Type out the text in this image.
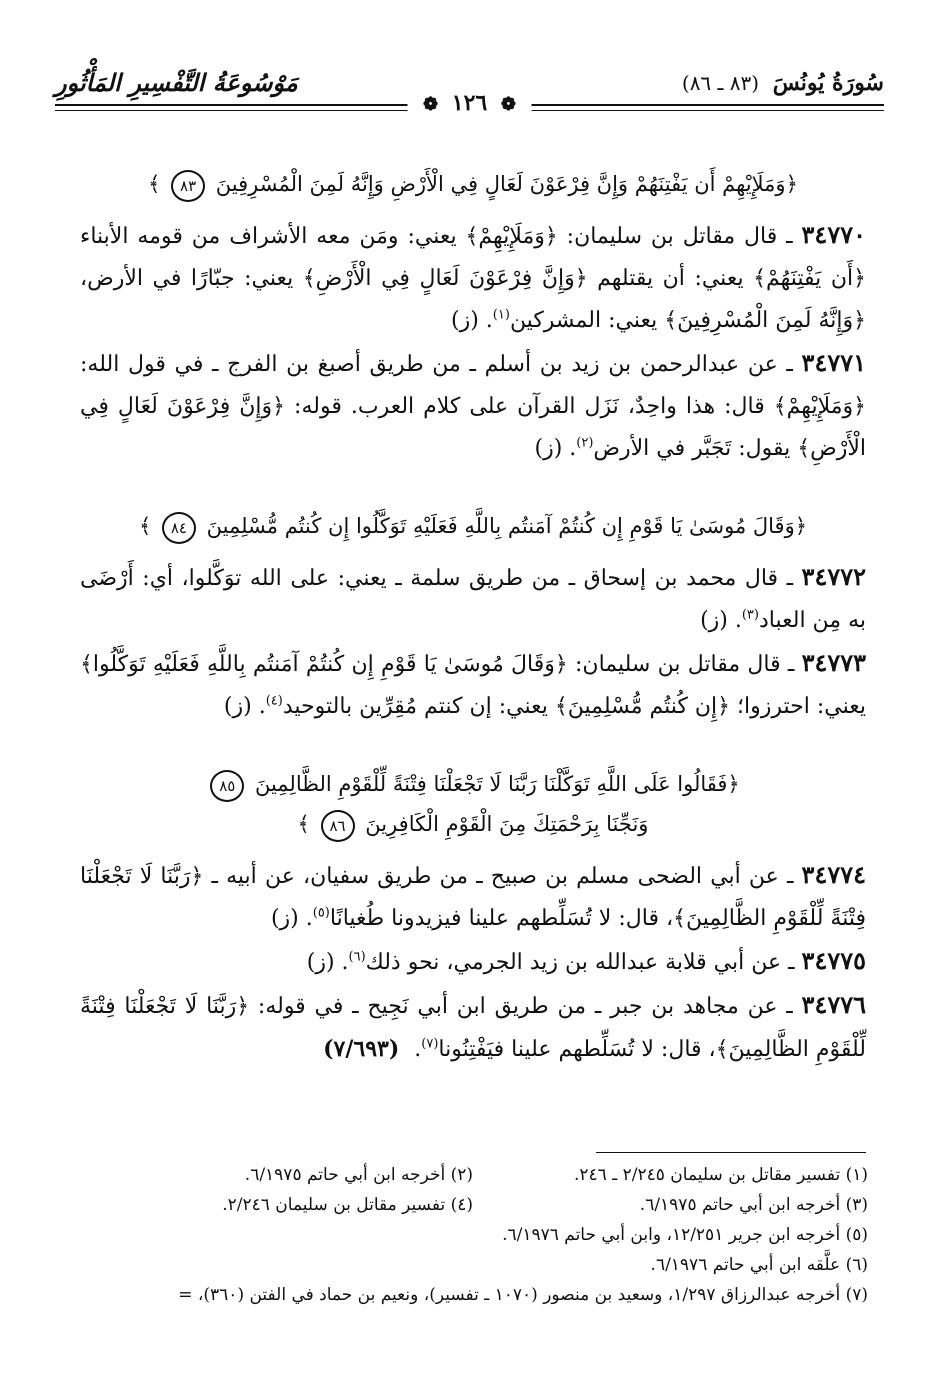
سُورَةُ يُونُسَ (٨٣ ـ ٨٦)
مَوْسُوعَةُ التَّفْسِيرِ المَأْثُورِ
❁ ١٢٦ ❁

﴿وَمَلَإِيْهِمْ أَن يَفْتِنَهُمْ وَإِنَّ فِرْعَوْنَ لَعَالٍ فِي الْأَرْضِ وَإِنَّهُ لَمِنَ الْمُسْرِفِينَ ٨٣ ﴾

٣٤٧٧٠ ـ قال مقاتل بن سليمان: ﴿وَمَلَإِيْهِمْ﴾ يعني: ومَن معه الأشراف من قومه الأبناء ﴿أَن يَفْتِنَهُمْ﴾ يعني: أن يقتلهم ﴿وَإِنَّ فِرْعَوْنَ لَعَالٍ فِي الْأَرْضِ﴾ يعني: جبّارًا في الأرض، ﴿وَإِنَّهُ لَمِنَ الْمُسْرِفِينَ﴾ يعني: المشركين$^{(١)}$. (ز)

٣٤٧٧١ ـ عن عبدالرحمن بن زيد بن أسلم ـ من طريق أصبغ بن الفرج ـ في قول الله: ﴿وَمَلَإِيْهِمْ﴾ قال: هذا واحِدٌ، نَزَل القرآن على كلام العرب. قوله: ﴿وَإِنَّ فِرْعَوْنَ لَعَالٍ فِي الْأَرْضِ﴾ يقول: تَجَبَّر في الأرض$^{(٢)}$. (ز)

﴿وَقَالَ مُوسَىٰ يَا قَوْمِ إِن كُنتُمْ آمَنتُم بِاللَّهِ فَعَلَيْهِ تَوَكَّلُوا إِن كُنتُم مُّسْلِمِينَ ٨٤ ﴾

٣٤٧٧٢ ـ قال محمد بن إسحاق ـ من طريق سلمة ـ يعني: على الله توَكَّلوا، أي: أَرْضَى به مِن العباد$^{(٣)}$. (ز)

٣٤٧٧٣ ـ قال مقاتل بن سليمان: ﴿وَقَالَ مُوسَىٰ يَا قَوْمِ إِن كُنتُمْ آمَنتُم بِاللَّهِ فَعَلَيْهِ تَوَكَّلُوا﴾ يعني: احترزوا؛ ﴿إِن كُنتُم مُّسْلِمِينَ﴾ يعني: إن كنتم مُقِرِّين بالتوحيد$^{(٤)}$. (ز)

﴿فَقَالُوا عَلَى اللَّهِ تَوَكَّلْنَا رَبَّنَا لَا تَجْعَلْنَا فِتْنَةً لِّلْقَوْمِ الظَّالِمِينَ ٨٥

وَنَجِّنَا بِرَحْمَتِكَ مِنَ الْقَوْمِ الْكَافِرِينَ ٨٦ ﴾

٣٤٧٧٤ ـ عن أبي الضحى مسلم بن صبيح ـ من طريق سفيان، عن أبيه ـ ﴿رَبَّنَا لَا تَجْعَلْنَا فِتْنَةً لِّلْقَوْمِ الظَّالِمِينَ﴾، قال: لا تُسَلِّطهم علينا فيزيدونا طُغيانًا$^{(٥)}$. (ز)

٣٤٧٧٥ ـ عن أبي قلابة عبدالله بن زيد الجرمي، نحو ذلك$^{(٦)}$. (ز)

٣٤٧٧٦ ـ عن مجاهد بن جبر ـ من طريق ابن أبي نَجِيح ـ في قوله: ﴿رَبَّنَا لَا تَجْعَلْنَا فِتْنَةً لِّلْقَوْمِ الظَّالِمِينَ﴾، قال: لا تُسَلِّطهم علينا فيَفْتِنُونا$^{(٧)}$. (٧/٦٩٣)

(١) تفسير مقاتل بن سليمان ٢/٢٤٥ ـ ٢٤٦.
(٢) أخرجه ابن أبي حاتم ٦/١٩٧٥.
(٣) أخرجه ابن أبي حاتم ٦/١٩٧٥.
(٤) تفسير مقاتل بن سليمان ٢/٢٤٦.
(٥) أخرجه ابن جرير ١٢/٢٥١، وابن أبي حاتم ٦/١٩٧٦.
(٦) علَّقه ابن أبي حاتم ٦/١٩٧٦.
(٧) أخرجه عبدالرزاق ١/٢٩٧، وسعيد بن منصور (١٠٧٠ ـ تفسير)، ونعيم بن حماد في الفتن (٣٦٠)، =
